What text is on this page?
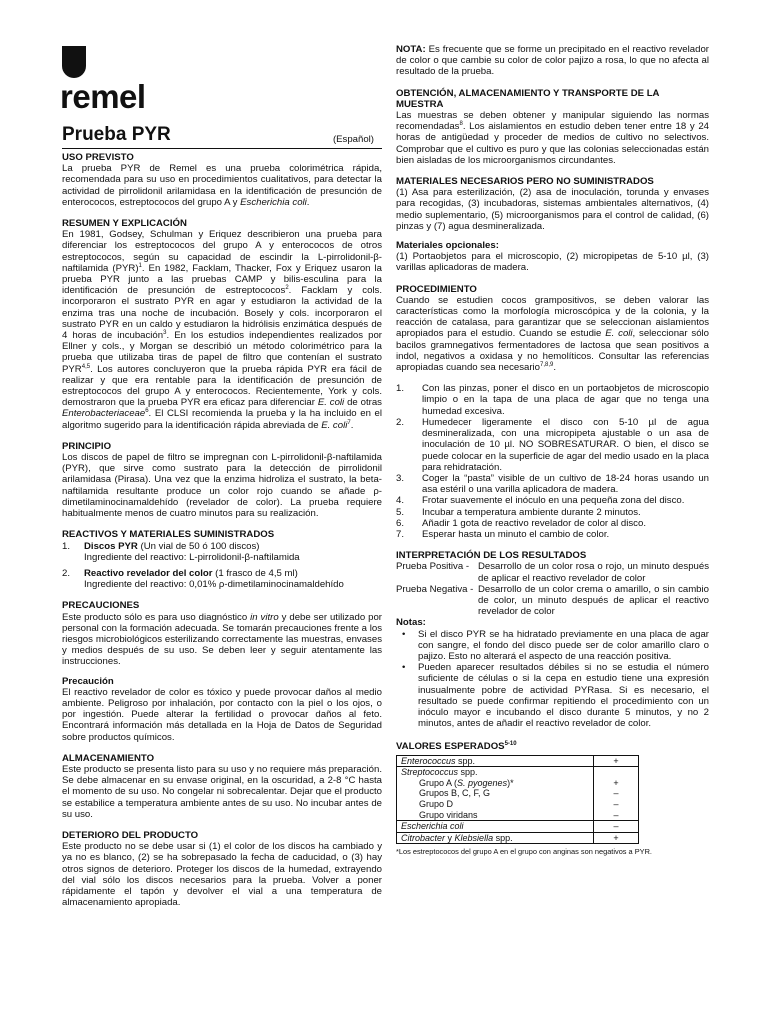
remel
Prueba PYR	(Español)
USO PREVISTO

La prueba PYR de Remel es una prueba colorimétrica rápida, recomendada para su uso en procedimientos cualitativos, para detectar la actividad de pirrolidonil arilamidasa en la identificación de presunción de enterococos, estreptococos del grupo A y Escherichia coli.

RESUMEN Y EXPLICACIÓN

En 1981, Godsey, Schulman y Eriquez describieron una prueba para diferenciar los estreptococos del grupo A y enterococos de otros estreptococos, según su capacidad de escindir la L-pirrolidonil-β-naftilamida (PYR)$^1$. En 1982, Facklam, Thacker, Fox y Eriquez usaron la prueba PYR junto a las pruebas CAMP y bilis-esculina para la identificación de presunción de estreptococos$^2$. Facklam y cols. incorporaron el sustrato PYR en agar y estudiaron la actividad de la enzima tras una noche de incubación. Bosely y cols. incorporaron el sustrato PYR en un caldo y estudiaron la hidrólisis enzimática después de 4 horas de incubación$^3$. En los estudios independientes realizados por Ellner y cols., y Morgan se describió un método colorimétrico para la prueba que utilizaba tiras de papel de filtro que contenían el sustrato PYR$^{4,5}$. Los autores concluyeron que la prueba rápida PYR era fácil de realizar y que era rentable para la identificación de presunción de estreptococos del grupo A y enterococos. Recientemente, York y cols. demostraron que la prueba PYR era eficaz para diferenciar E. coli de otras Enterobacteriaceae$^6$. El CLSI recomienda la prueba y la ha incluido en el algoritmo sugerido para la identificación rápida abreviada de E. coli$^7$.

PRINCIPIO

Los discos de papel de filtro se impregnan con L-pirrolidonil-β-naftilamida (PYR), que sirve como sustrato para la detección de pirrolidonil arilamidasa (Pirasa). Una vez que la enzima hidroliza el sustrato, la beta-naftilamida resultante produce un color rojo cuando se añade ρ-dimetilaminocinamaldehído (revelador de color). La prueba requiere habitualmente menos de cuatro minutos para su realización.

REACTIVOS Y MATERIALES SUMINISTRADOS
1. Discos PYR (Un vial de 50 ó 100 discos)
Ingrediente del reactivo: L-pirrolidonil-β-naftilamida
2. Reactivo revelador del color (1 frasco de 4,5 ml)
Ingrediente del reactivo: 0,01% ρ-dimetilaminocinamaldehído
PRECAUCIONES

Este producto sólo es para uso diagnóstico in vitro y debe ser utilizado por personal con la formación adecuada. Se tomarán precauciones frente a los riesgos microbiológicos esterilizando correctamente las muestras, envases y medios después de su uso. Se deben leer y seguir atentamente las instrucciones.

Precaución

El reactivo revelador de color es tóxico y puede provocar daños al medio ambiente. Peligroso por inhalación, por contacto con la piel o los ojos, o por ingestión. Puede alterar la fertilidad o provocar daños al feto. Encontrará información más detallada en la Hoja de Datos de Seguridad sobre productos químicos.

ALMACENAMIENTO

Este producto se presenta listo para su uso y no requiere más preparación. Se debe almacenar en su envase original, en la oscuridad, a 2-8 °C hasta el momento de su uso. No congelar ni sobrecalentar. Dejar que el producto se estabilice a temperatura ambiente antes de su uso. No incubar antes de su uso.

DETERIORO DEL PRODUCTO

Este producto no se debe usar si (1) el color de los discos ha cambiado y ya no es blanco, (2) se ha sobrepasado la fecha de caducidad, o (3) hay otros signos de deterioro. Proteger los discos de la humedad, extrayendo del vial sólo los discos necesarios para la prueba. Volver a poner rápidamente el tapón y devolver el vial a una temperatura de almacenamiento apropiada.

NOTA: Es frecuente que se forme un precipitado en el reactivo revelador de color o que cambie su color de color pajizo a rosa, lo que no afecta al resultado de la prueba.

OBTENCIÓN, ALMACENAMIENTO Y TRANSPORTE DE LA MUESTRA

Las muestras se deben obtener y manipular siguiendo las normas recomendadas$^8$. Los aislamientos en estudio deben tener entre 18 y 24 horas de antigüedad y proceder de medios de cultivo no selectivos. Comprobar que el cultivo es puro y que las colonias seleccionadas están bien aisladas de los microorganismos circundantes.

MATERIALES NECESARIOS PERO NO SUMINISTRADOS

(1) Asa para esterilización, (2) asa de inoculación, torunda y envases para recogidas, (3) incubadoras, sistemas ambientales alternativos, (4) medio suplementario, (5) microorganismos para el control de calidad, (6) pinzas y (7) agua desmineralizada.

Materiales opcionales:

(1) Portaobjetos para el microscopio, (2) micropipetas de 5-10 µl, (3) varillas aplicadoras de madera.

PROCEDIMIENTO

Cuando se estudien cocos grampositivos, se deben valorar las características como la morfología microscópica y de la colonia, y la reacción de catalasa, para garantizar que se seleccionan aislamientos apropiados para el estudio. Cuando se estudie E. coli, seleccionar sólo bacilos gramnegativos fermentadores de lactosa que sean positivos a indol, negativos a oxidasa y no hemolíticos. Consultar las referencias apropiadas cuando sea necesario$^{7,8,9}$.

1. Con las pinzas, poner el disco en un portaobjetos de microscopio limpio o en la tapa de una placa de agar que no tenga una humedad excesiva.
2. Humedecer ligeramente el disco con 5-10 µl de agua desmineralizada, con una micropipeta ajustable o un asa de inoculación de 10 µl. NO SOBRESATURAR. O bien, el disco se puede colocar en la superficie de agar del medio usado en la placa para rehidratación.
3. Coger la “pasta” visible de un cultivo de 18-24 horas usando un asa estéril o una varilla aplicadora de madera.
4. Frotar suavemente el inóculo en una pequeña zona del disco.
5. Incubar a temperatura ambiente durante 2 minutos.
6. Añadir 1 gota de reactivo revelador de color al disco.
7. Esperar hasta un minuto el cambio de color.
INTERPRETACIÓN DE LOS RESULTADOS
Prueba Positiva - Desarrollo de un color rosa o rojo, un minuto después de aplicar el reactivo revelador de color
Prueba Negativa - Desarrollo de un color crema o amarillo, o sin cambio de color, un minuto después de aplicar el reactivo revelador de color
Notas:
• Si el disco PYR se ha hidratado previamente en una placa de agar con sangre, el fondo del disco puede ser de color amarillo claro o pajizo. Esto no alterará el aspecto de una reacción positiva.
• Pueden aparecer resultados débiles si no se estudia el número suficiente de células o si la cepa en estudio tiene una expresión inusualmente pobre de actividad PYRasa. Si es necesario, el resultado se puede confirmar repitiendo el procedimiento con un inóculo mayor e incubando el disco durante 5 minutos, y no 2 minutos, antes de añadir el reactivo revelador de color.
VALORES ESPERADOS$^{5-10}$
Enterococcus spp.	+
Streptococcus spp.	
Grupo A (S. pyogenes)*	+
Grupos B, C, F, G	–
Grupo D	–
Grupo viridans	–
Escherichia coli	–
Citrobacter y Klebsiella spp.	+
*Los estreptococos del grupo A en el grupo con anginas son negativos a PYR.
